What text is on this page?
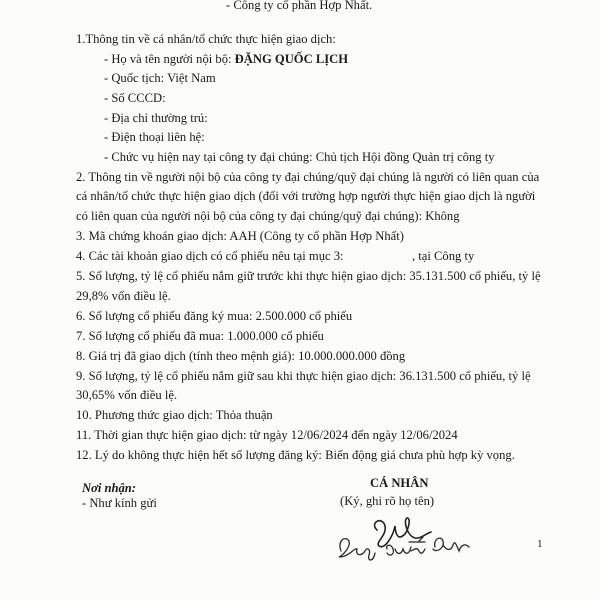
- Công ty cổ phần Hợp Nhất.
1.Thông tin về cá nhân/tổ chức thực hiện giao dịch:
- Họ và tên người nội bộ: ĐẶNG QUỐC LỊCH
- Quốc tịch: Việt Nam
- Số CCCD:
- Địa chỉ thường trú:
- Điện thoại liên hệ:
- Chức vụ hiện nay tại công ty đại chúng: Chủ tịch Hội đồng Quản trị công ty
2. Thông tin về người nội bộ của công ty đại chúng/quỹ đại chúng là người có liên quan của
cá nhân/tổ chức thực hiện giao dịch (đối với trường hợp người thực hiện giao dịch là người
có liên quan của người nội bộ của công ty đại chúng/quỹ đại chúng): Không
3. Mã chứng khoán giao dịch: AAH (Công ty cổ phần Hợp Nhất)
4. Các tài khoản giao dịch có cổ phiếu nêu tại mục 3:	, tại Công ty
5. Số lượng, tỷ lệ cổ phiếu nắm giữ trước khi thực hiện giao dịch: 35.131.500 cổ phiếu, tỷ lệ
29,8% vốn điều lệ.
6. Số lượng cổ phiếu đăng ký mua: 2.500.000 cổ phiếu
7. Số lượng cổ phiếu đã mua: 1.000.000 cổ phiếu
8. Giá trị đã giao dịch (tính theo mệnh giá): 10.000.000.000 đồng
9. Số lượng, tỷ lệ cổ phiếu nắm giữ sau khi thực hiện giao dịch: 36.131.500 cổ phiếu, tỷ lệ
30,65% vốn điều lệ.
10. Phương thức giao dịch: Thỏa thuận
11. Thời gian thực hiện giao dịch: từ ngày 12/06/2024 đến ngày 12/06/2024
12. Lý do không thực hiện hết số lượng đăng ký: Biến động giá chưa phù hợp kỳ vọng.
Nơi nhận:
- Như kính gửi
CÁ NHÂN
(Ký, ghi rõ họ tên)
1
